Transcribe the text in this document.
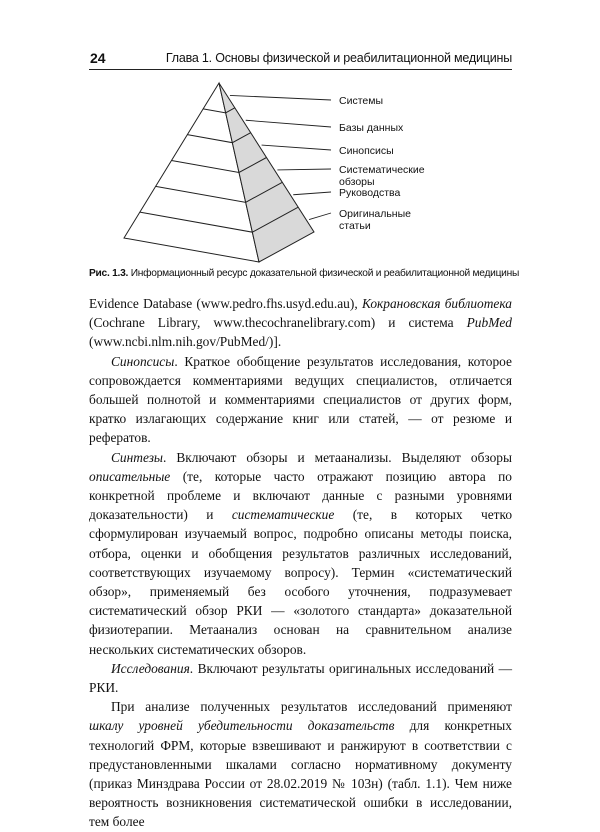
24	Глава 1. Основы физической и реабилитационной медицины
Системы
Базы данных
Синопсисы
Систематические
обзоры
Руководства
Оригинальные
статьи
Рис. 1.3. Информационный ресурс доказательной физической и реабилитационной медицины

Evidence Database (www.pedro.fhs.usyd.edu.au), Кокрановская библиотека (Cochrane Library, www.thecochranelibrary.com) и система PubMed (www.ncbi.nlm.nih.gov/PubMed/)].

Синопсисы. Краткое обобщение результатов исследования, которое сопровождается комментариями ведущих специалистов, отличается большей полнотой и комментариями специалистов от других форм, кратко излагающих содержание книг или статей, — от резюме и рефератов.

Синтезы. Включают обзоры и метаанализы. Выделяют обзоры описательные (те, которые часто отражают позицию автора по конкретной проблеме и включают данные с разными уровнями доказательности) и систематические (те, в которых четко сформулирован изучаемый вопрос, подробно описаны методы поиска, отбора, оценки и обобщения результатов различных исследований, соответствующих изучаемому вопросу). Термин «систематический обзор», применяемый без особого уточнения, подразумевает систематический обзор РКИ — «золотого стандарта» доказательной физиотерапии. Метаанализ основан на сравнительном анализе нескольких систематических обзоров.

Исследования. Включают результаты оригинальных исследований — РКИ.

При анализе полученных результатов исследований применяют шкалу уровней убедительности доказательств для конкретных технологий ФРМ, которые взвешивают и ранжируют в соответствии с предустановленными шкалами согласно нормативному документу (приказ Минздрава России от 28.02.2019 № 103н) (табл. 1.1). Чем ниже вероятность возникновения систематической ошибки в исследовании, тем более
